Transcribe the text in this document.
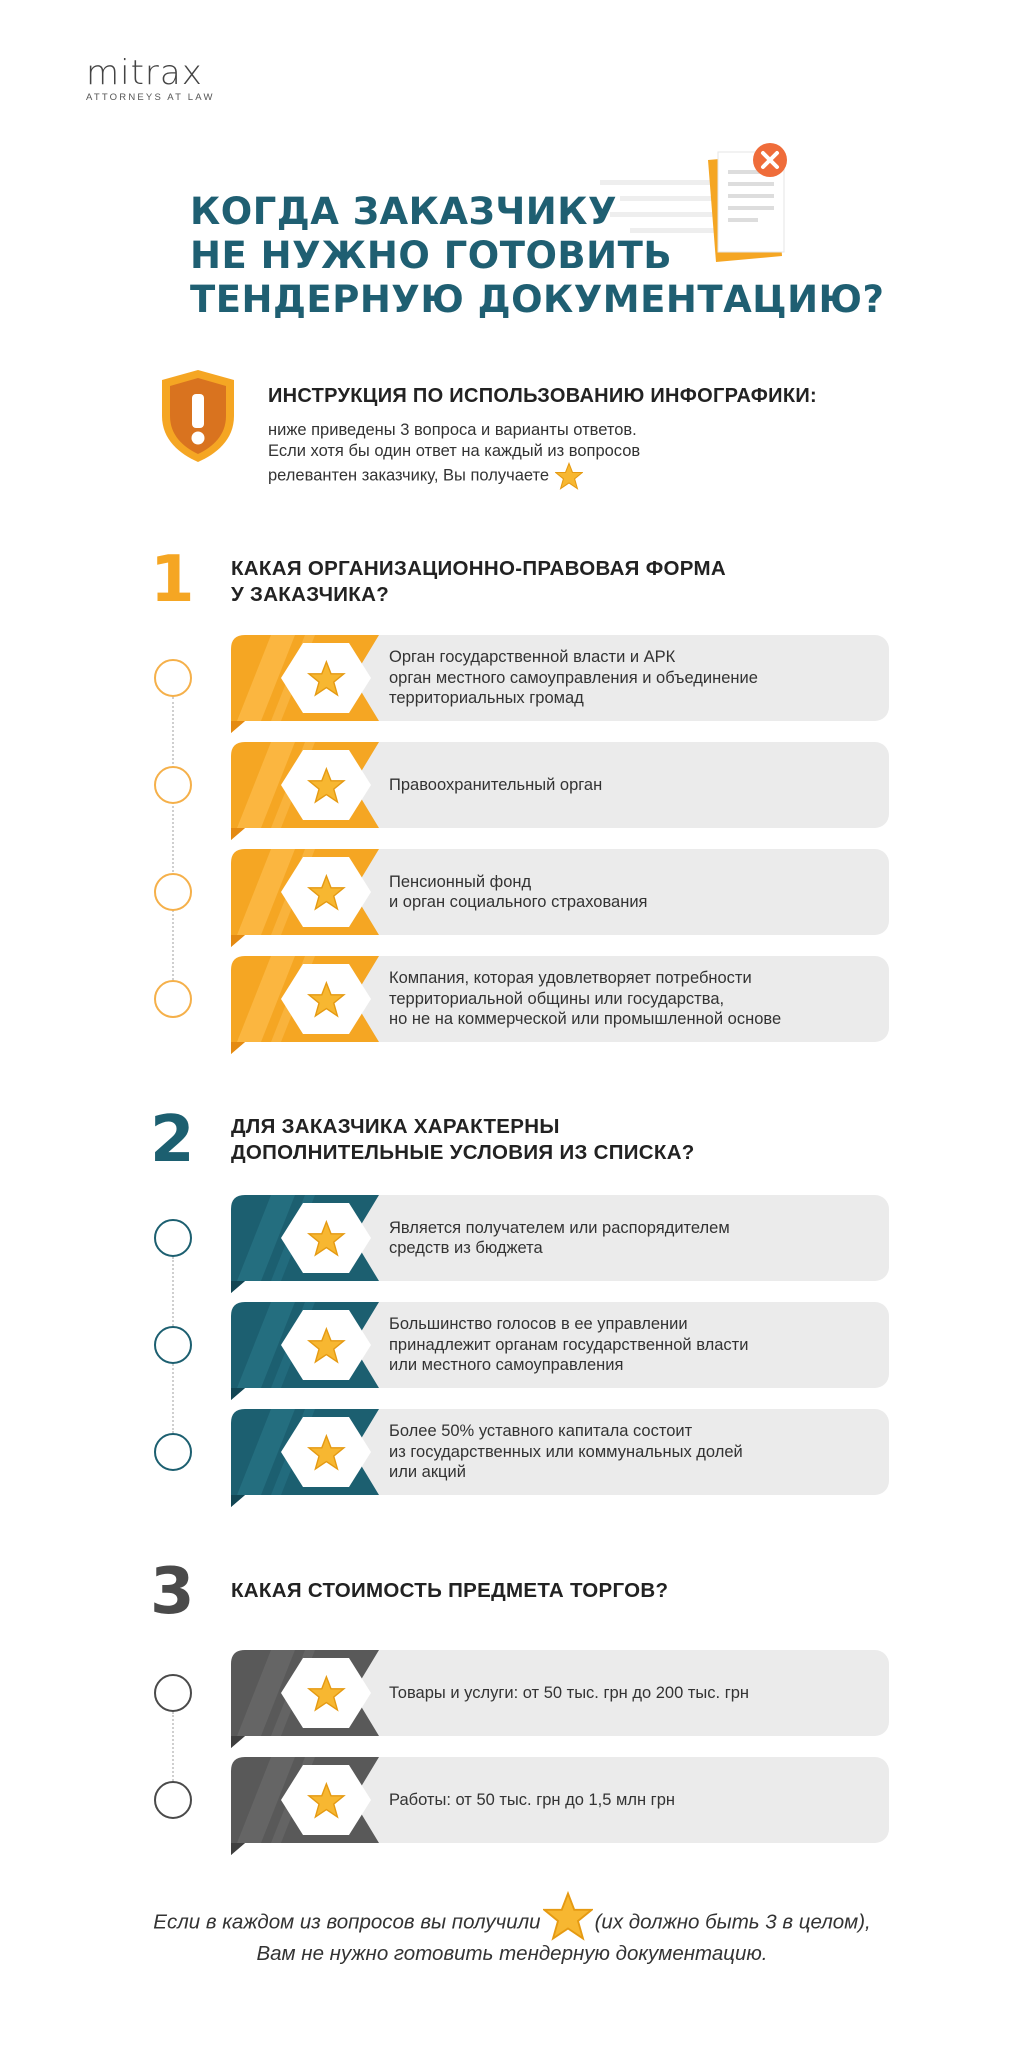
mitrax
ATTORNEYS AT LAW
КОГДА ЗАКАЗЧИКУ
НЕ НУЖНО ГОТОВИТЬ
ТЕНДЕРНУЮ ДОКУМЕНТАЦИЮ?
ИНСТРУКЦИЯ ПО ИСПОЛЬЗОВАНИЮ ИНФОГРАФИКИ:
ниже приведены 3 вопроса и варианты ответов.
Если хотя бы один ответ на каждый из вопросов
релевантен заказчику, Вы получаете
1 КАКАЯ ОРГАНИЗАЦИОННО-ПРАВОВАЯ ФОРМА
У ЗАКАЗЧИКА?
Орган государственной власти и АРК
орган местного самоуправления и объединение
территориальных громад
Правоохранительный орган
Пенсионный фонд
и орган социального страхования
Компания, которая удовлетворяет потребности
территориальной общины или государства,
но не на коммерческой или промышленной основе
2 ДЛЯ ЗАКАЗЧИКА ХАРАКТЕРНЫ
ДОПОЛНИТЕЛЬНЫЕ УСЛОВИЯ ИЗ СПИСКА?
Является получателем или распорядителем
средств из бюджета
Большинство голосов в ее управлении
принадлежит органам государственной власти
или местного самоуправления
Более 50% уставного капитала состоит
из государственных или коммунальных долей
или акций
3 КАКАЯ СТОИМОСТЬ ПРЕДМЕТА ТОРГОВ?
Товары и услуги: от 50 тыс. грн до 200 тыс. грн
Работы: от 50 тыс. грн до 1,5 млн грн
Если в каждом из вопросов вы получили	(их должно быть 3 в целом),
Вам не нужно готовить тендерную документацию.
